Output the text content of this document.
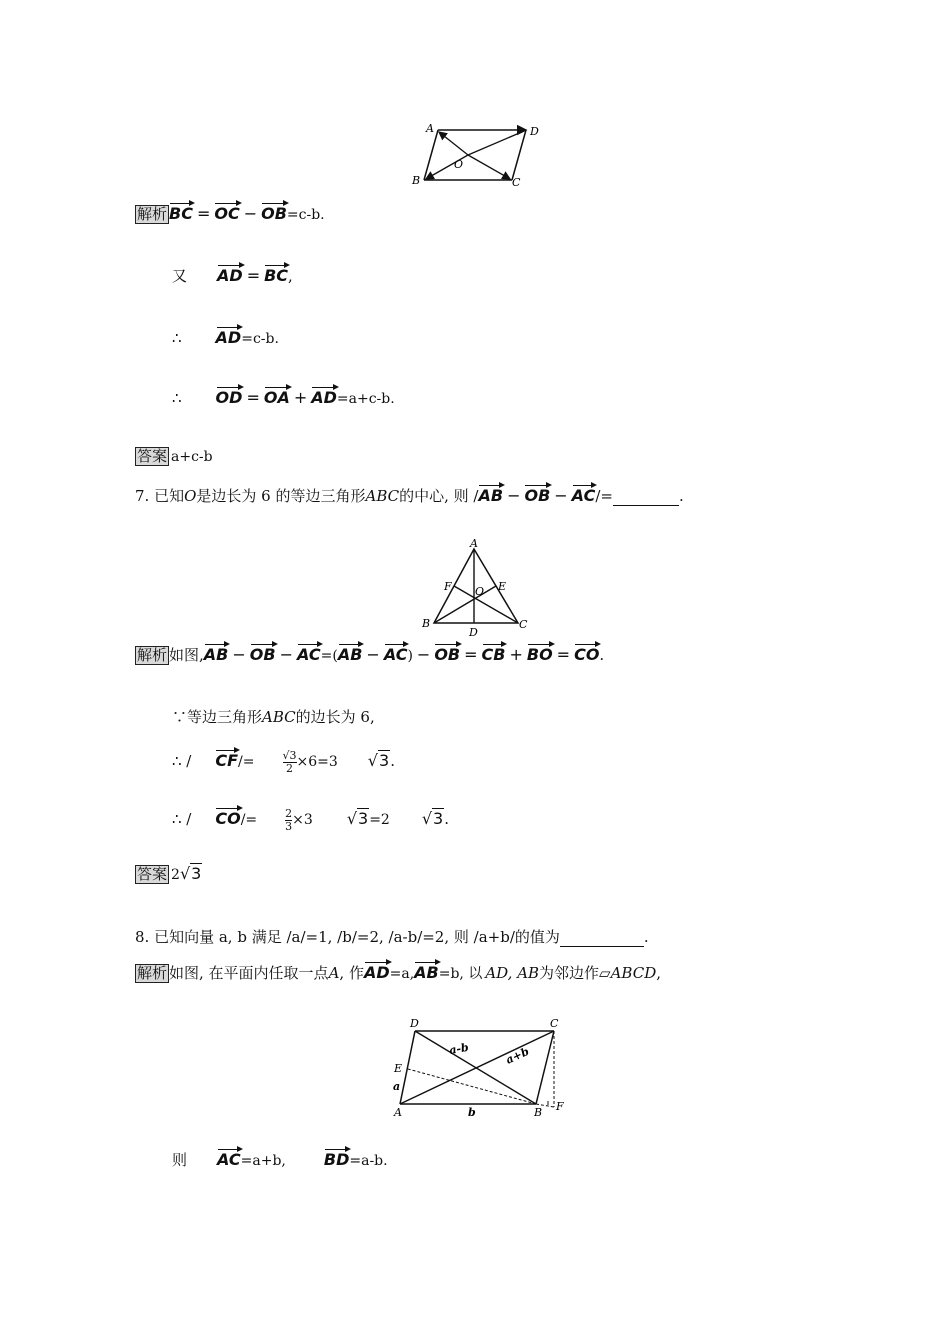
A	D
B	C
O
解析 BC = OC − OB=c-b.
又 AD = BC,
∴ AD=c-b.
∴ OD = OA + AD=a+c-b.
答案 a+c-b
7. 已知O是边长为 6 的等边三角形ABC的中心, 则 /AB − OB − AC/=	.
A
F	E
O
B	C
D
解析 如图,AB − OB − AC=(AB − AC) − OB = CB + BO = CO.
∵等边三角形ABC的边长为 6,
∴ / CF/=	$\frac{√3}{2} \times 6=3$ √3.
∴ / CO/=	$\frac{2}{3} \times 3$ √3=2 √3.
答案 2√3
8. 已知向量 a, b 满足 /a/=1, /b/=2, /a-b/=2, 则 /a+b/的值为	.
解析 如图, 在平面内任取一点A, 作AD=a,AB=b, 以 AD, AB为邻边作▱ABCD,
D	C
E
a
A	b	B F
a-b	a+b
则 AC=a+b, BD=a-b.
